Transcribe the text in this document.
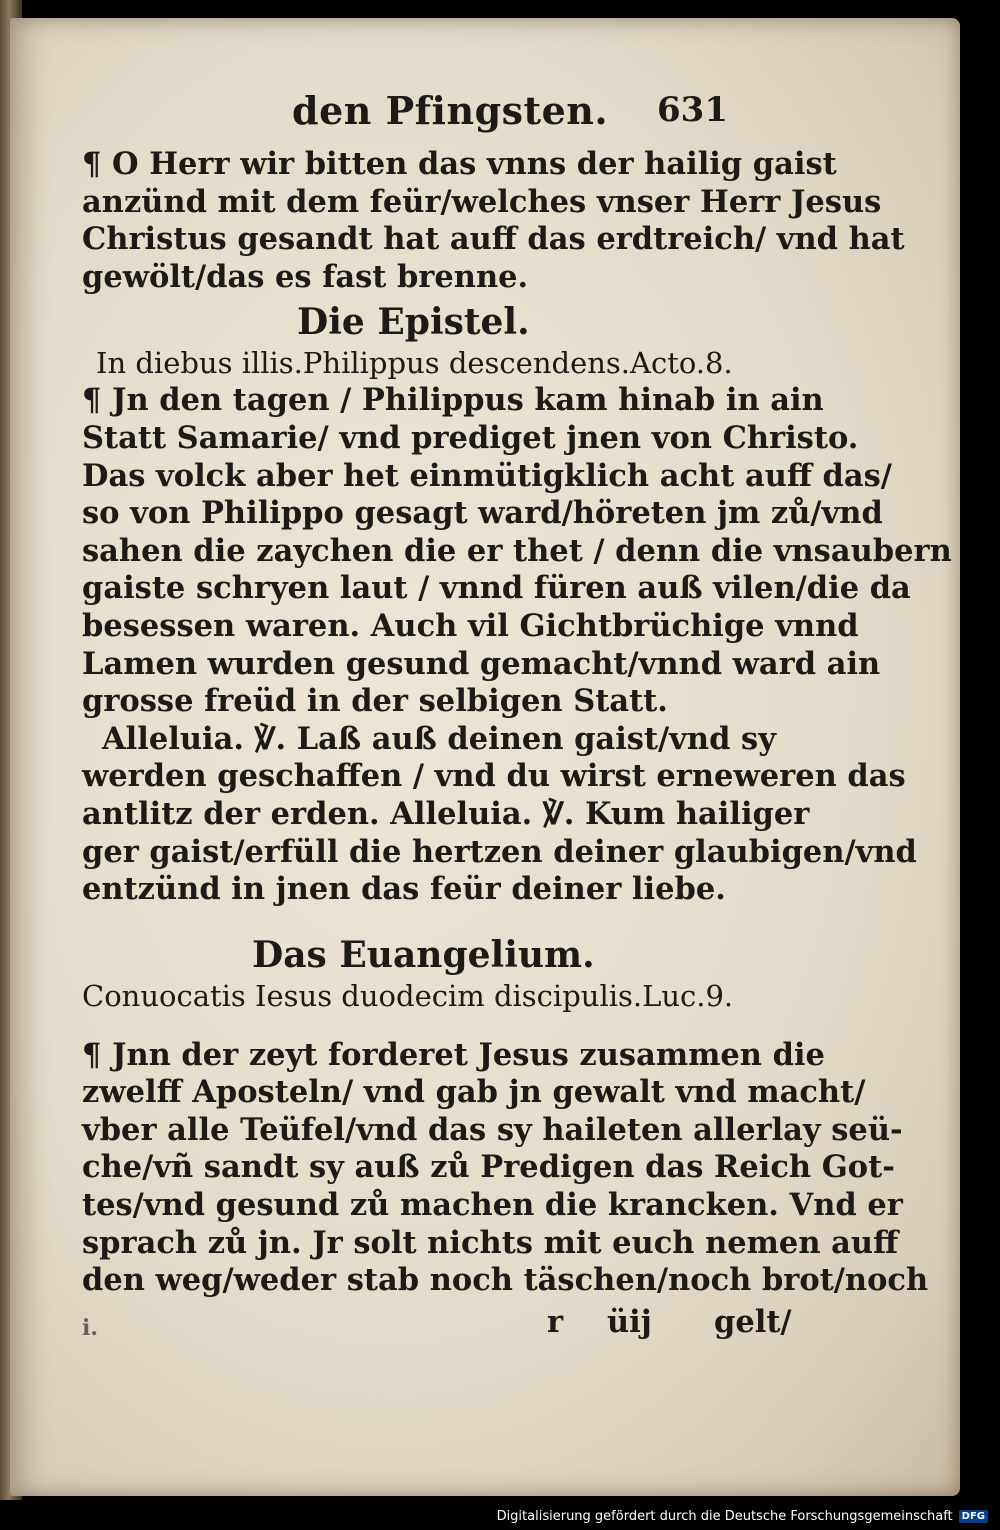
den Pfingsten. 631

¶ O Herr wir bitten das vnns der hailig gaist

anzünd mit dem feür/welches vnser Herr Jesus

Christus gesandt hat auff das erdtreich/ vnd hat

gewölt/das es fast brenne.

Die Epistel.

In diebus illis.Philippus descendens.Acto.8.

¶ Jn den tagen / Philippus kam hinab in ain

Statt Samarie/ vnd prediget jnen von Christo.

Das volck aber het einmütigklich acht auff das/

so von Philippo gesagt ward/höreten jm zů/vnd

sahen die zaychen die er thet / denn die vnsaubern

gaiste schryen laut / vnnd füren auß vilen/die da

besessen waren. Auch vil Gichtbrüchige vnnd

Lamen wurden gesund gemacht/vnnd ward ain

grosse freüd in der selbigen Statt.

Alleluia. ℣. Laß auß deinen gaist/vnd sy

werden geschaffen / vnd du wirst erneweren das

antlitz der erden. Alleluia. ℣. Kum hailiger

ger gaist/erfüll die hertzen deiner glaubigen/vnd

entzünd in jnen das feür deiner liebe.

Das Euangelium.

Conuocatis Iesus duodecim discipulis.Luc.9.

¶ Jnn der zeyt forderet Jesus zusammen die

zwelff Aposteln/ vnd gab jn gewalt vnd macht/

vber alle Teüfel/vnd das sy haileten allerlay seü-

che/vñ sandt sy auß zů Predigen das Reich Got-

tes/vnd gesund zů machen die krancken. Vnd er

sprach zů jn. Jr solt nichts mit euch nemen auff

den weg/weder stab noch täschen/noch brot/noch

i.	r üij gelt/
Digitalisierung gefördert durch die Deutsche Forschungsgemeinschaft DFG
